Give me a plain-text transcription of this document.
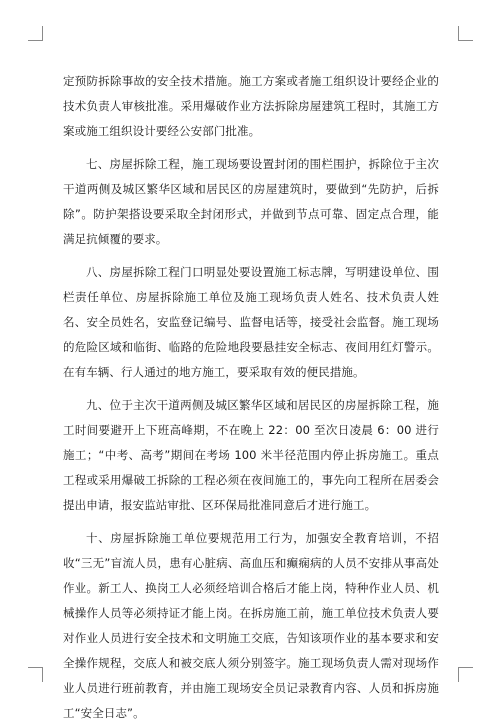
定预防拆除事故的安全技术措施。施工方案或者施工组织设计要经企业的技术负责人审核批准。采用爆破作业方法拆除房屋建筑工程时，其施工方案或施工组织设计要经公安部门批准。

七、房屋拆除工程，施工现场要设置封闭的围栏围护，拆除位于主次干道两侧及城区繁华区域和居民区的房屋建筑时，要做到“先防护，后拆除”。防护架搭设要采取全封闭形式，并做到节点可靠、固定点合理，能满足抗倾覆的要求。

八、房屋拆除工程门口明显处要设置施工标志牌，写明建设单位、围栏责任单位、房屋拆除施工单位及施工现场负责人姓名、技术负责人姓名、安全员姓名，安监登记编号、监督电话等，接受社会监督。施工现场的危险区域和临街、临路的危险地段要悬挂安全标志、夜间用红灯警示。在有车辆、行人通过的地方施工，要采取有效的便民措施。

九、位于主次干道两侧及城区繁华区域和居民区的房屋拆除工程，施工时间要避开上下班高峰期，不在晚上 22：00 至次日凌晨 6：00 进行施工；“中考、高考”期间在考场 100 米半径范围内停止拆房施工。重点工程或采用爆破工拆除的工程必须在夜间施工的，事先向工程所在居委会提出申请，报安监站审批、区环保局批准同意后才进行施工。

十、房屋拆除施工单位要规范用工行为，加强安全教育培训，不招收“三无”盲流人员，患有心脏病、高血压和癫痫病的人员不安排从事高处作业。新工人、换岗工人必须经培训合格后才能上岗，特种作业人员、机械操作人员等必须持证才能上岗。在拆房施工前，施工单位技术负责人要对作业人员进行安全技术和文明施工交底，告知该项作业的基本要求和安全操作规程，交底人和被交底人须分别签字。施工现场负责人需对现场作业人员进行班前教育，并由施工现场安全员记录教育内容、人员和拆房施工“安全日志”。
